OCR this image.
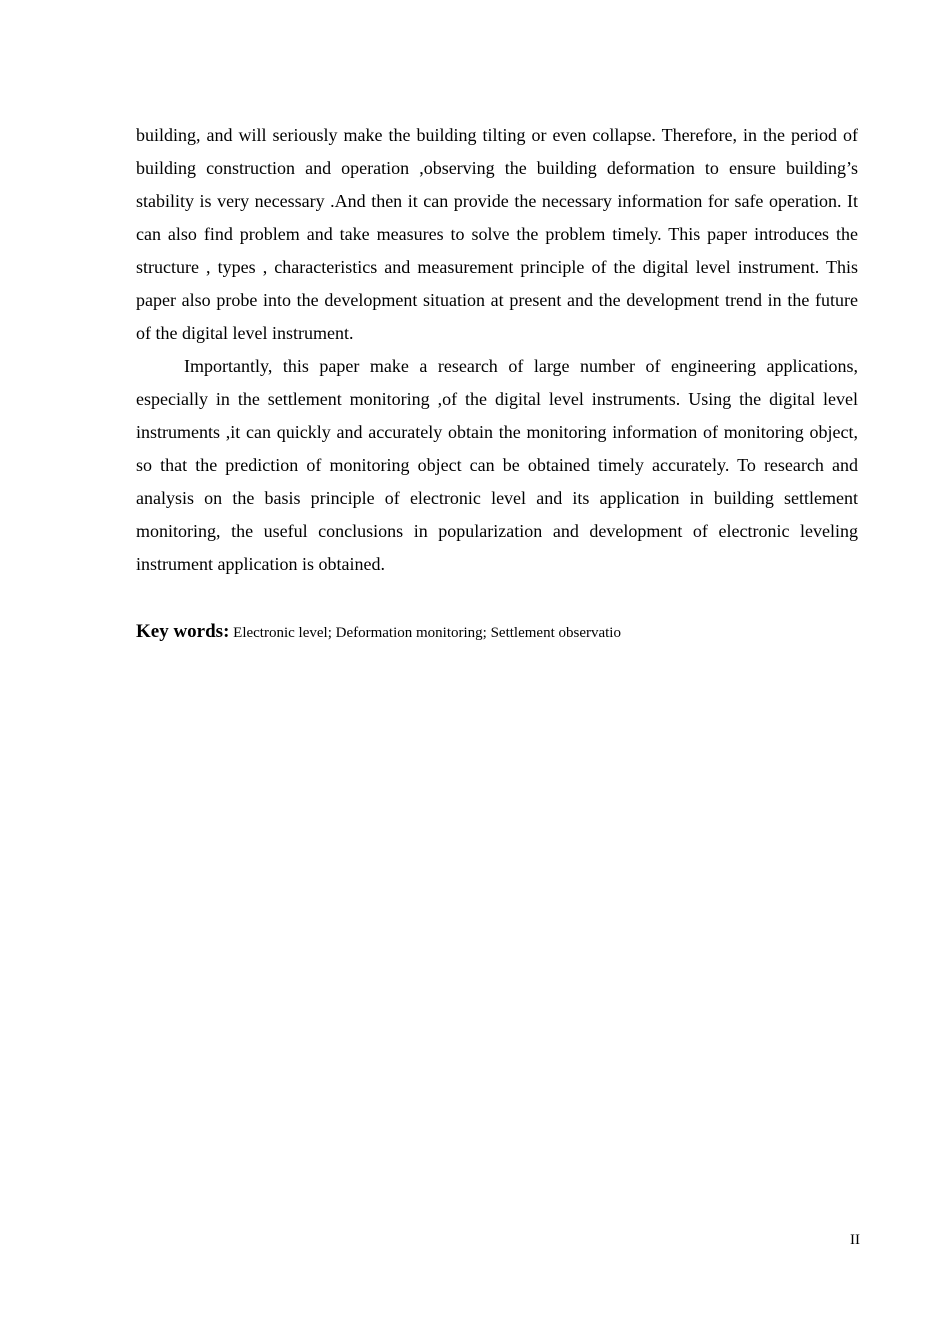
building, and will seriously make the building tilting or even collapse. Therefore, in the period of building construction and operation ,observing the building deformation to ensure building’s stability is very necessary .And then it can provide the necessary information for safe operation. It can also find problem and take measures to solve the problem timely. This paper introduces the structure , types , characteristics and measurement principle of the digital level instrument. This paper also probe into the development situation at present and the development trend in the future of the digital level instrument.

Importantly, this paper make a research of large number of engineering applications, especially in the settlement monitoring ,of the digital level instruments. Using the digital level instruments ,it can quickly and accurately obtain the monitoring information of monitoring object, so that the prediction of monitoring object can be obtained timely accurately. To research and analysis on the basis principle of electronic level and its application in building settlement monitoring, the useful conclusions in popularization and development of electronic leveling instrument application is obtained.

Key words: Electronic level; Deformation monitoring; Settlement observatio
II
